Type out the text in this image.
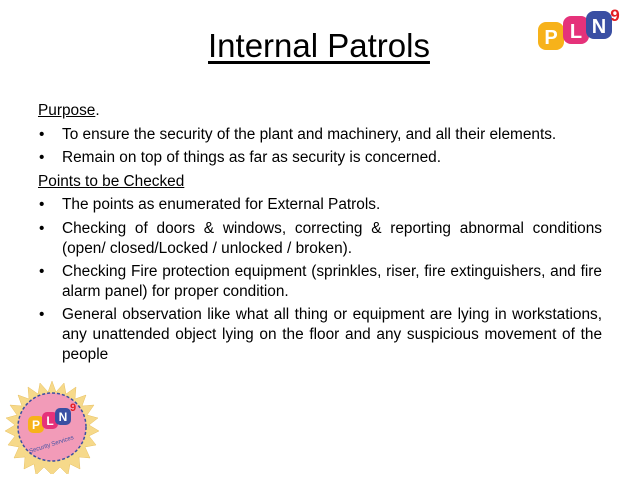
Internal Patrols	P L N
9
Purpose.
• To ensure the security of the plant and machinery, and all their elements.
• Remain on top of things as far as security is concerned.
Points to be Checked
• The points as enumerated for External Patrols.
• Checking of doors & windows, correcting & reporting abnormal conditions (open/ closed/Locked / unlocked / broken).
• Checking Fire protection equipment (sprinkles, riser, fire extinguishers, and fire alarm panel) for proper condition.
• General observation like what all thing or equipment are lying in workstations, any unattended object lying on the floor and any suspicious movement of the people
P L N
9
Security Services
